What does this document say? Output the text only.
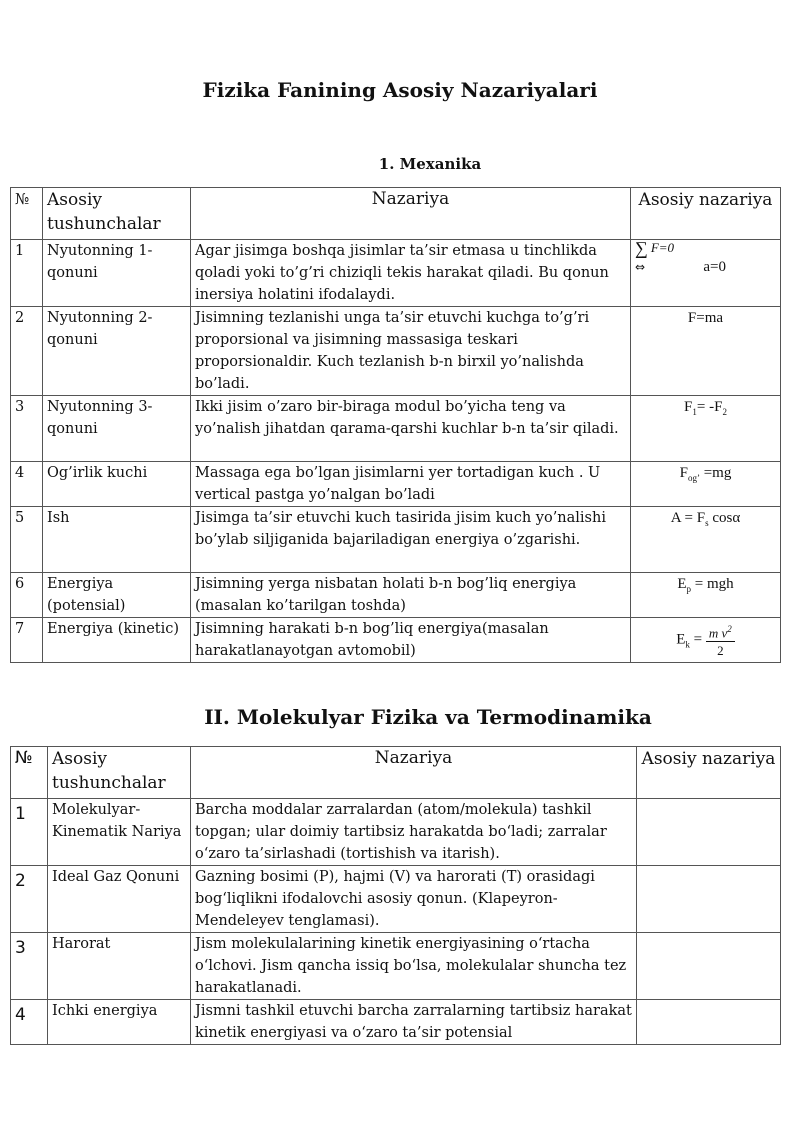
Fizika Fanining Asosiy Nazariyalari
1. Mexanika
№	Asosiy tushunchalar	Nazariya	Asosiy nazariya
1	Nyutonning 1-qonuni	Agar jisimga boshqa jisimlar ta’sir etmasa u tinchlikda qoladi yoki to’g’ri chiziqli tekis harakat qiladi. Bu qonun inersiya holatini ifodalaydi.	∑ F=0
⇔ a=0

2	Nyutonning 2-qonuni	Jisimning tezlanishi unga ta’sir etuvchi kuchga to’g’ri proporsional va jisimning massasiga teskari proporsionaldir. Kuch tezlanish b-n birxil yo’nalishda bo’ladi.	F=ma
3	Nyutonning 3-qonuni	Ikki jisim o’zaro bir-biraga modul bo’yicha teng va yo’nalish jihatdan qarama-qarshi kuchlar b-n ta’sir qiladi.	$F_1= -F_2$
4	Og’irlik kuchi	Massaga ega bo’lgan jisimlarni yer tortadigan kuch . U vertical pastga yo’nalgan bo’ladi	$F_{og’} =mg$
5	Ish	Jisimga ta’sir etuvchi kuch tasirida jisim kuch yo’nalishi bo’ylab siljiganida bajariladigan energiya o’zgarishi.	$A = F_s$ cosα
6	Energiya (potensial)	Jisimning yerga nisbatan holati b-n bog’liq energiya (masalan ko’tarilgan toshda)	$E_p$ = mgh
7	Energiya (kinetic)	Jisimning harakati b-n bog’liq energiya(masalan harakatlanayotgan avtomobil)	$E_k = \frac{m v^2}{2}$
II. Molekulyar Fizika va Termodinamika
№	Asosiy tushunchalar	Nazariya	Asosiy nazariya
1	Molekulyar-Kinematik Nariya	Barcha moddalar zarralardan (atom/molekula) tashkil topgan; ular doimiy tartibsiz harakatda bo‘ladi; zarralar o‘zaro ta’sirlashadi (tortishish va itarish).	
2	Ideal Gaz Qonuni	Gazning bosimi (P), hajmi (V) va harorati (T) orasidagi bog‘liqlikni ifodalovchi asosiy qonun. (Klapeyron-Mendeleyev tenglamasi).	
3	Harorat	Jism molekulalarining kinetik energiyasining o‘rtacha o‘lchovi. Jism qancha issiq bo‘lsa, molekulalar shuncha tez harakatlanadi.	
4	Ichki energiya	Jismni tashkil etuvchi barcha zarralarning tartibsiz harakat kinetik energiyasi va o‘zaro ta’sir potensial	
